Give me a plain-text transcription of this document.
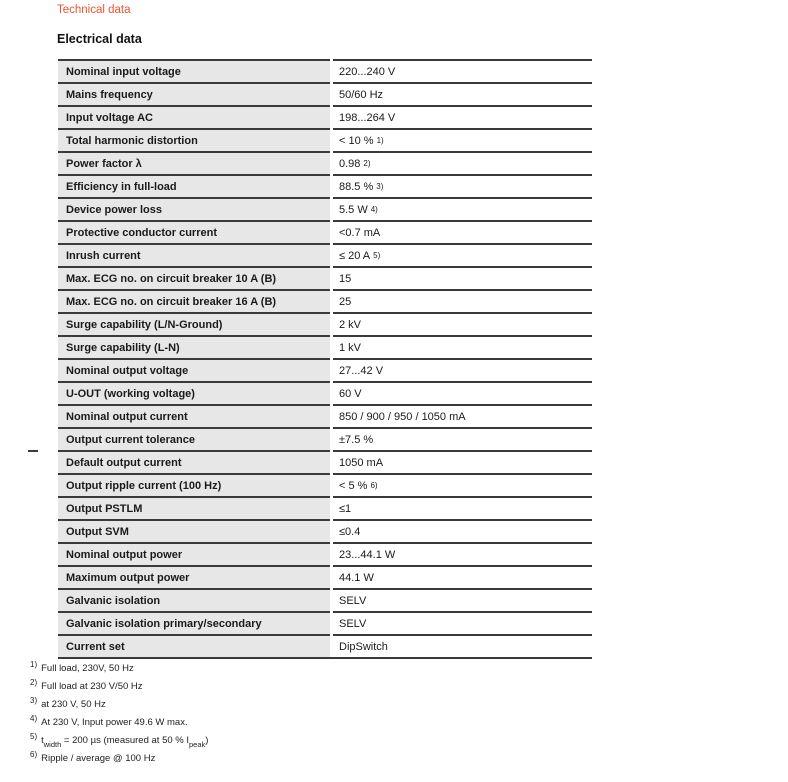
Technical data
Electrical data
Nominal input voltage	220...240 V
Mains frequency	50/60 Hz
Input voltage AC	198...264 V
Total harmonic distortion	< 10 % 1)
Power factor λ	0.98 2)
Efficiency in full-load	88.5 % 3)
Device power loss	5.5 W 4)
Protective conductor current	<0.7 mA
Inrush current	≤ 20 A 5)
Max. ECG no. on circuit breaker 10 A (B)	15
Max. ECG no. on circuit breaker 16 A (B)	25
Surge capability (L/N-Ground)	2 kV
Surge capability (L-N)	1 kV
Nominal output voltage	27...42 V
U-OUT (working voltage)	60 V
Nominal output current	850 / 900 / 950 / 1050 mA
Output current tolerance	±7.5 %
Default output current	1050 mA
Output ripple current (100 Hz)	< 5 % 6)
Output PSTLM	≤1
Output SVM	≤0.4
Nominal output power	23...44.1 W
Maximum output power	44.1 W
Galvanic isolation	SELV
Galvanic isolation primary/secondary	SELV
Current set	DipSwitch
$^{1)}$ Full load, 230V, 50 Hz
$^{2)}$ Full load at 230 V/50 Hz
$^{3)}$ at 230 V, 50 Hz
$^{4)}$ At 230 V, Input power 49.6 W max.
$^{5)}$ $t_{width} = 200$ µs (measured at 50 % $I_{peak}$)
$^{6)}$ Ripple / average @ 100 Hz
